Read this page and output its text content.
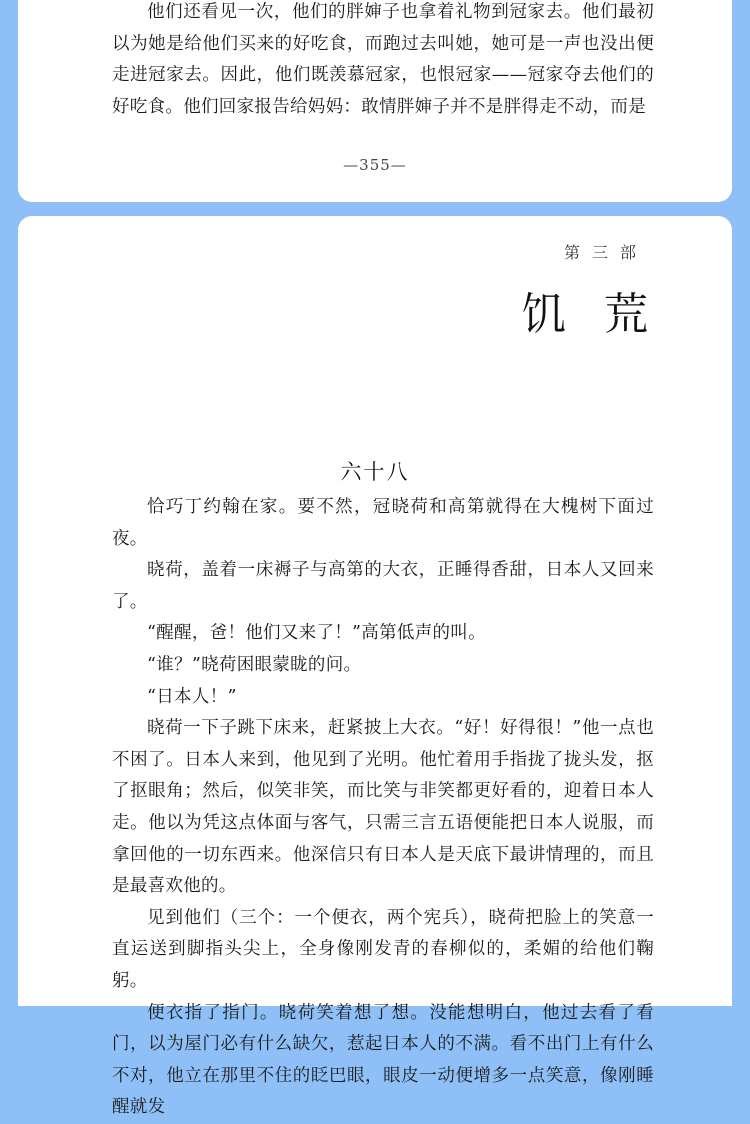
他们还看见一次，他们的胖婶子也拿着礼物到冠家去。他们最初以为她是给他们买来的好吃食，而跑过去叫她，她可是一声也没出便走进冠家去。因此，他们既羡慕冠家，也恨冠家——冠家夺去他们的好吃食。他们回家报告给妈妈：敢情胖婶子并不是胖得走不动，而是

—355—
第三部
饥荒
六十八

恰巧丁约翰在家。要不然，冠晓荷和高第就得在大槐树下面过夜。

晓荷，盖着一床褥子与高第的大衣，正睡得香甜，日本人又回来了。

“醒醒，爸！他们又来了！”高第低声的叫。

“谁？”晓荷困眼蒙眬的问。

“日本人！”

晓荷一下子跳下床来，赶紧披上大衣。“好！好得很！”他一点也不困了。日本人来到，他见到了光明。他忙着用手指拢了拢头发，抠了抠眼角；然后，似笑非笑，而比笑与非笑都更好看的，迎着日本人走。他以为凭这点体面与客气，只需三言五语便能把日本人说服，而拿回他的一切东西来。他深信只有日本人是天底下最讲情理的，而且是最喜欢他的。

见到他们（三个：一个便衣，两个宪兵），晓荷把脸上的笑意一直运送到脚指头尖上，全身像刚发青的春柳似的，柔媚的给他们鞠躬。

便衣指了指门。晓荷笑着想了想。没能想明白，他过去看了看门，以为屋门必有什么缺欠，惹起日本人的不满。看不出门上有什么不对，他立在那里不住的眨巴眼，眼皮一动便增多一点笑意，像刚睡醒就发
